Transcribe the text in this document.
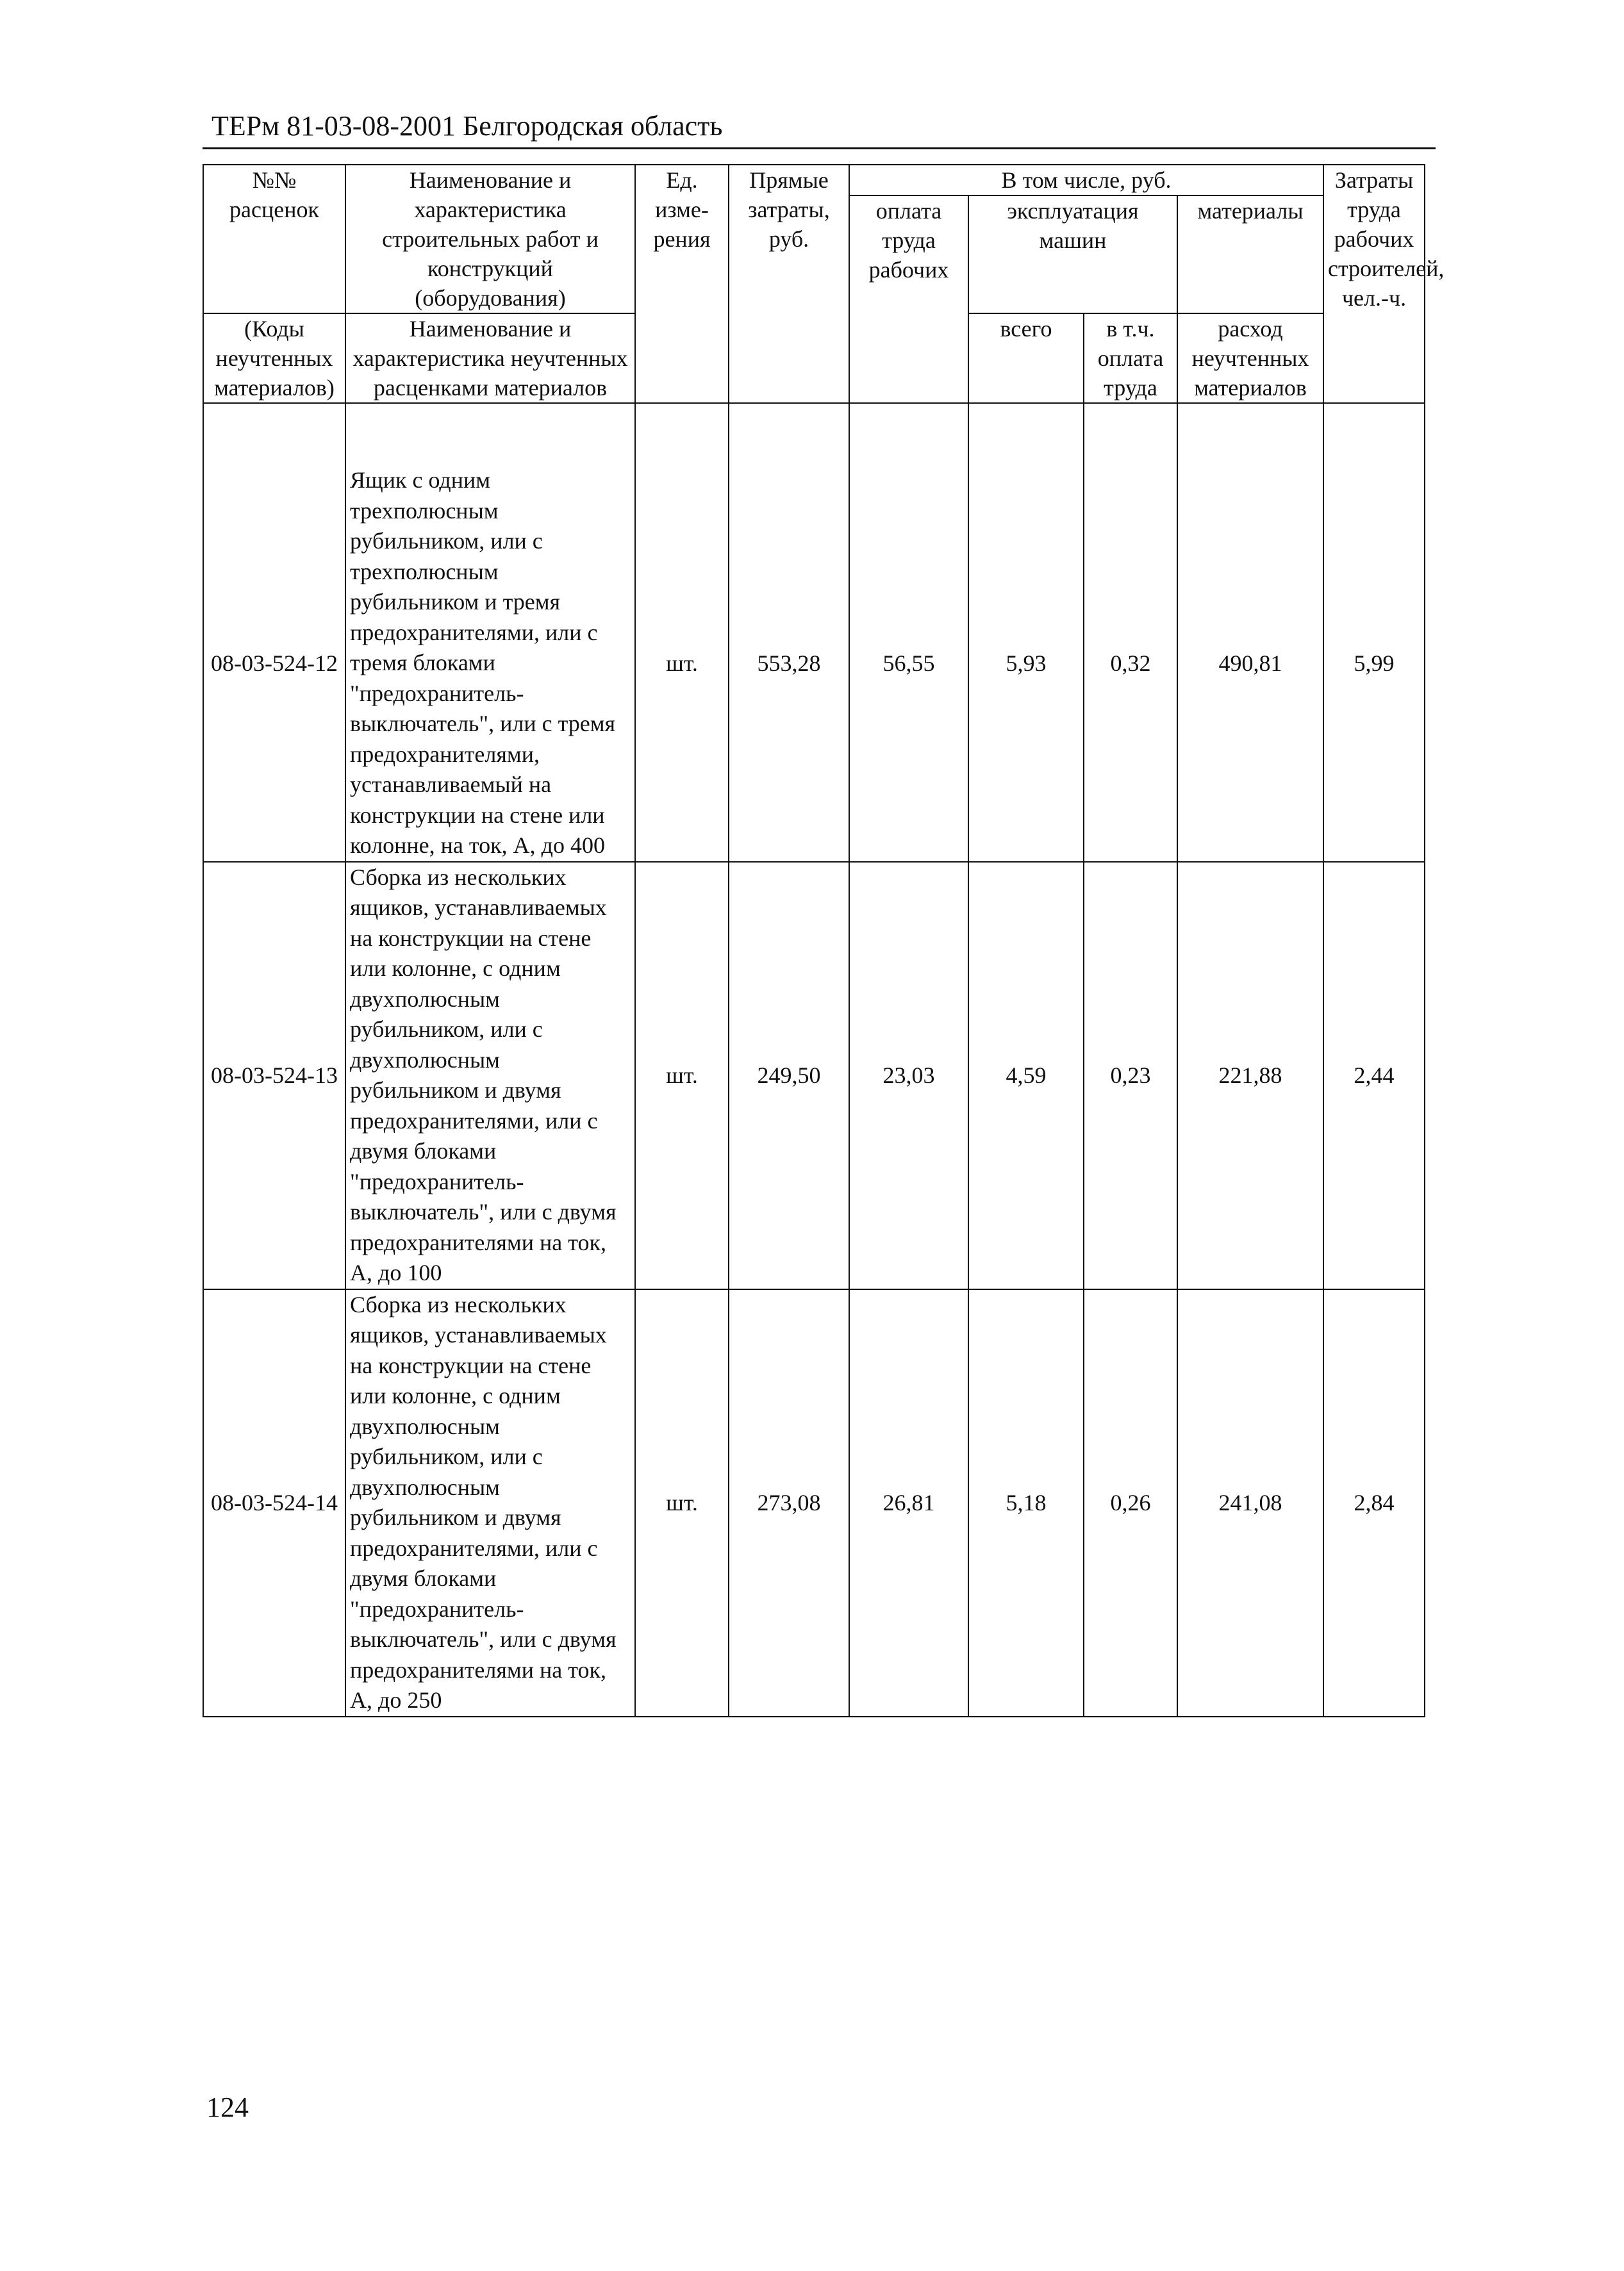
ТЕРм 81-03-08-2001 Белгородская область
№№ расценок	Наименование и характеристика строительных работ и конструкций (оборудования)	Ед. изме-рения	Прямые затраты, руб.	В том числе, руб.				Затраты труда рабочих строителей, чел.-ч.
				оплата труда рабочих	эксплуатация машин		материалы	
(Коды неучтенных материалов)	Наименование и характеристика неучтенных расценками материалов				всего	в т.ч. оплата труда	расход неучтенных материалов	

08-03-524-12	Ящик с одним трехполюсным рубильником, или с трехполюсным рубильником и тремя предохранителями, или с тремя блоками "предохранитель-выключатель", или с тремя предохранителями, устанавливаемый на конструкции на стене или колонне, на ток, А, до 400	шт.	553,28	56,55	5,93	0,32	490,81	5,99
08-03-524-13	Сборка из нескольких ящиков, устанавливаемых на конструкции на стене или колонне, с одним двухполюсным рубильником, или с двухполюсным рубильником и двумя предохранителями, или с двумя блоками "предохранитель-выключатель", или с двумя предохранителями на ток, А, до 100	шт.	249,50	23,03	4,59	0,23	221,88	2,44
08-03-524-14	Сборка из нескольких ящиков, устанавливаемых на конструкции на стене или колонне, с одним двухполюсным рубильником, или с двухполюсным рубильником и двумя предохранителями, или с двумя блоками "предохранитель-выключатель", или с двумя предохранителями на ток, А, до 250	шт.	273,08	26,81	5,18	0,26	241,08	2,84
124
